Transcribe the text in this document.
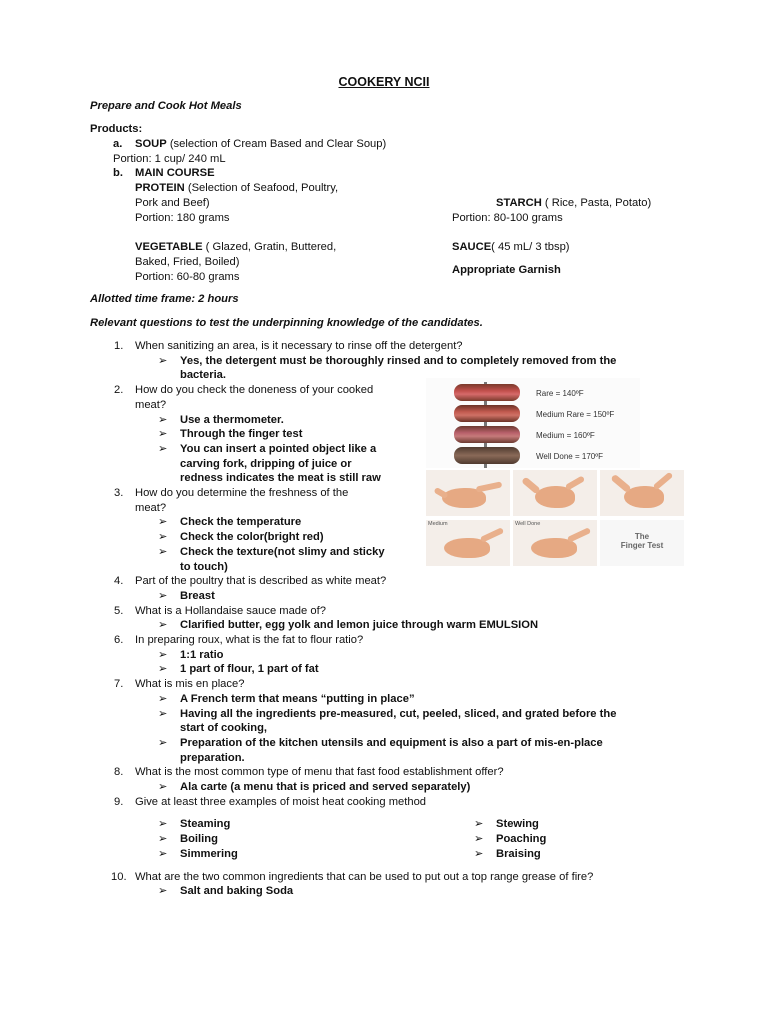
COOKERY NCII
Prepare and Cook Hot Meals
Products:
a. SOUP (selection of Cream Based and Clear Soup)
Portion: 1 cup/ 240 mL
b. MAIN COURSE
PROTEIN (Selection of Seafood, Poultry,
Pork and Beef)
Portion: 180 grams
STARCH ( Rice, Pasta, Potato)
Portion: 80-100 grams
VEGETABLE ( Glazed, Gratin, Buttered,
Baked, Fried, Boiled)
Portion: 60-80 grams
SAUCE( 45 mL/ 3 tbsp)
Appropriate Garnish
Allotted time frame: 2 hours
Relevant questions to test the underpinning knowledge of the candidates.
1. When sanitizing an area, is it necessary to rinse off the detergent?
➢ Yes, the detergent must be thoroughly rinsed and to completely removed from the
bacteria.
2. How do you check the doneness of your cooked
meat?
➢ Use a thermometer.
➢ Through the finger test
➢ You can insert a pointed object like a
carving fork, dripping of juice or
redness indicates the meat is still raw
3. How do you determine the freshness of the
meat?
➢ Check the temperature
➢ Check the color(bright red)
➢ Check the texture(not slimy and sticky
to touch)
4. Part of the poultry that is described as white meat?
➢ Breast
5. What is a Hollandaise sauce made of?
➢ Clarified butter, egg yolk and lemon juice through warm EMULSION
6. In preparing roux, what is the fat to flour ratio?
➢ 1:1 ratio
➢ 1 part of flour, 1 part of fat
7. What is mis en place?
➢ A French term that means “putting in place”
➢ Having all the ingredients pre-measured, cut, peeled, sliced, and grated before the
start of cooking,
➢ Preparation of the kitchen utensils and equipment is also a part of mis-en-place
preparation.
8. What is the most common type of menu that fast food establishment offer?
➢ Ala carte (a menu that is priced and served separately)
9. Give at least three examples of moist heat cooking method
10. What are the two common ingredients that can be used to put out a top range grease of fire?
➢ Salt and baking Soda
➢ Steaming
➢ Boiling
➢ Simmering
➢ Stewing
➢ Poaching
➢ Braising
Rare = 140ºF
Medium Rare = 150ºF
Medium = 160ºF
Well Done = 170ºF
Medium	Well Done
The
Finger Test
